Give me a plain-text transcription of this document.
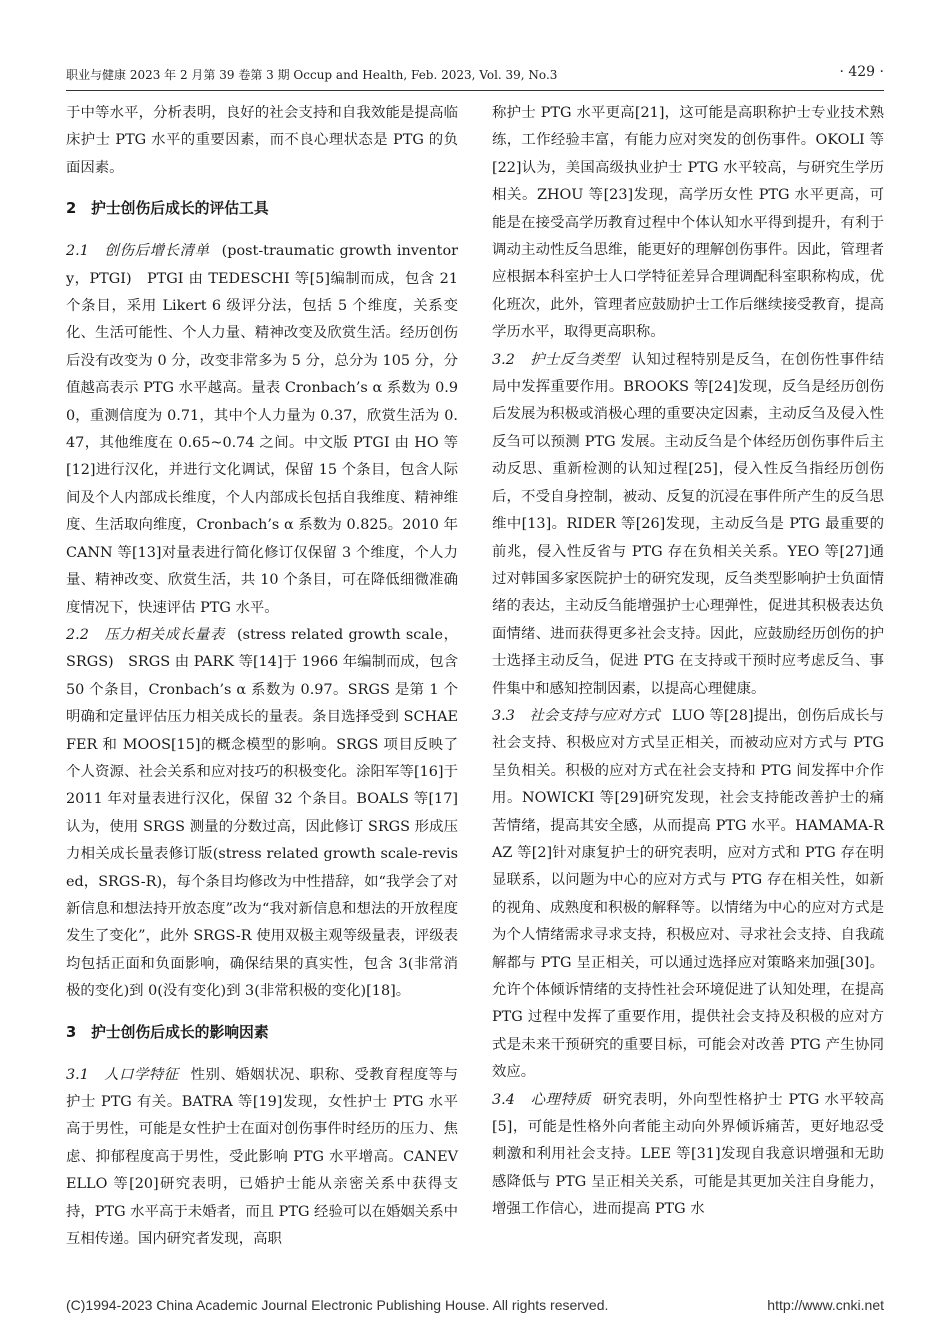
职业与健康 2023 年 2 月第 39 卷第 3 期 Occup and Health, Feb. 2023, Vol. 39, No.3	· 429 ·

于中等水平，分析表明，良好的社会支持和自我效能是提高临床护士 PTG 水平的重要因素，而不良心理状态是 PTG 的负面因素。

2　护士创伤后成长的评估工具

2.1　创伤后增长清单 (post-traumatic growth inventory，PTGI)　PTGI 由 TEDESCHI 等[5]编制而成，包含 21 个条目，采用 Likert 6 级评分法，包括 5 个维度，关系变化、生活可能性、个人力量、精神改变及欣赏生活。经历创伤后没有改变为 0 分，改变非常多为 5 分，总分为 105 分，分值越高表示 PTG 水平越高。量表 Cronbach’s α 系数为 0.90，重测信度为 0.71，其中个人力量为 0.37，欣赏生活为 0.47，其他维度在 0.65~0.74 之间。中文版 PTGI 由 HO 等[12]进行汉化，并进行文化调试，保留 15 个条目，包含人际间及个人内部成长维度，个人内部成长包括自我维度、精神维度、生活取向维度，Cronbach’s α 系数为 0.825。2010 年 CANN 等[13]对量表进行简化修订仅保留 3 个维度，个人力量、精神改变、欣赏生活，共 10 个条目，可在降低细微准确度情况下，快速评估 PTG 水平。

2.2　压力相关成长量表 (stress related growth scale，SRGS)　SRGS 由 PARK 等[14]于 1966 年编制而成，包含 50 个条目，Cronbach’s α 系数为 0.97。SRGS 是第 1 个明确和定量评估压力相关成长的量表。条目选择受到 SCHAEFER 和 MOOS[15]的概念模型的影响。SRGS 项目反映了个人资源、社会关系和应对技巧的积极变化。涂阳军等[16]于 2011 年对量表进行汉化，保留 32 个条目。BOALS 等[17]认为，使用 SRGS 测量的分数过高，因此修订 SRGS 形成压力相关成长量表修订版(stress related growth scale-revised，SRGS-R)，每个条目均修改为中性措辞，如“我学会了对新信息和想法持开放态度”改为“我对新信息和想法的开放程度发生了变化”，此外 SRGS-R 使用双极主观等级量表，评级表均包括正面和负面影响，确保结果的真实性，包含 3(非常消极的变化)到 0(没有变化)到 3(非常积极的变化)[18]。

3　护士创伤后成长的影响因素

3.1　人口学特征 性别、婚姻状况、职称、受教育程度等与护士 PTG 有关。BATRA 等[19]发现，女性护士 PTG 水平高于男性，可能是女性护士在面对创伤事件时经历的压力、焦虑、抑郁程度高于男性，受此影响 PTG 水平增高。CANEVELLO 等[20]研究表明，已婚护士能从亲密关系中获得支持，PTG 水平高于未婚者，而且 PTG 经验可以在婚姻关系中互相传递。国内研究者发现，高职

称护士 PTG 水平更高[21]，这可能是高职称护士专业技术熟练，工作经验丰富，有能力应对突发的创伤事件。OKOLI 等[22]认为，美国高级执业护士 PTG 水平较高，与研究生学历相关。ZHOU 等[23]发现，高学历女性 PTG 水平更高，可能是在接受高学历教育过程中个体认知水平得到提升，有利于调动主动性反刍思维，能更好的理解创伤事件。因此，管理者应根据本科室护士人口学特征差异合理调配科室职称构成，优化班次，此外，管理者应鼓励护士工作后继续接受教育，提高学历水平，取得更高职称。

3.2　护士反刍类型 认知过程特别是反刍，在创伤性事件结局中发挥重要作用。BROOKS 等[24]发现，反刍是经历创伤后发展为积极或消极心理的重要决定因素，主动反刍及侵入性反刍可以预测 PTG 发展。主动反刍是个体经历创伤事件后主动反思、重新检测的认知过程[25]，侵入性反刍指经历创伤后，不受自身控制，被动、反复的沉浸在事件所产生的反刍思维中[13]。RIDER 等[26]发现，主动反刍是 PTG 最重要的前兆，侵入性反省与 PTG 存在负相关关系。YEO 等[27]通过对韩国多家医院护士的研究发现，反刍类型影响护士负面情绪的表达，主动反刍能增强护士心理弹性，促进其积极表达负面情绪、进而获得更多社会支持。因此，应鼓励经历创伤的护士选择主动反刍，促进 PTG 在支持或干预时应考虑反刍、事件集中和感知控制因素，以提高心理健康。

3.3　社会支持与应对方式 LUO 等[28]提出，创伤后成长与社会支持、积极应对方式呈正相关，而被动应对方式与 PTG 呈负相关。积极的应对方式在社会支持和 PTG 间发挥中介作用。NOWICKI 等[29]研究发现，社会支持能改善护士的痛苦情绪，提高其安全感，从而提高 PTG 水平。HAMAMA-RAZ 等[2]针对康复护士的研究表明，应对方式和 PTG 存在明显联系，以问题为中心的应对方式与 PTG 存在相关性，如新的视角、成熟度和积极的解释等。以情绪为中心的应对方式是为个人情绪需求寻求支持，积极应对、寻求社会支持、自我疏解都与 PTG 呈正相关，可以通过选择应对策略来加强[30]。允许个体倾诉情绪的支持性社会环境促进了认知处理，在提高 PTG 过程中发挥了重要作用，提供社会支持及积极的应对方式是未来干预研究的重要目标，可能会对改善 PTG 产生协同效应。

3.4　心理特质 研究表明，外向型性格护士 PTG 水平较高[5]，可能是性格外向者能主动向外界倾诉痛苦，更好地忍受刺激和利用社会支持。LEE 等[31]发现自我意识增强和无助感降低与 PTG 呈正相关关系，可能是其更加关注自身能力，增强工作信心，进而提高 PTG 水

(C)1994-2023 China Academic Journal Electronic Publishing House. All rights reserved.	http://www.cnki.net
